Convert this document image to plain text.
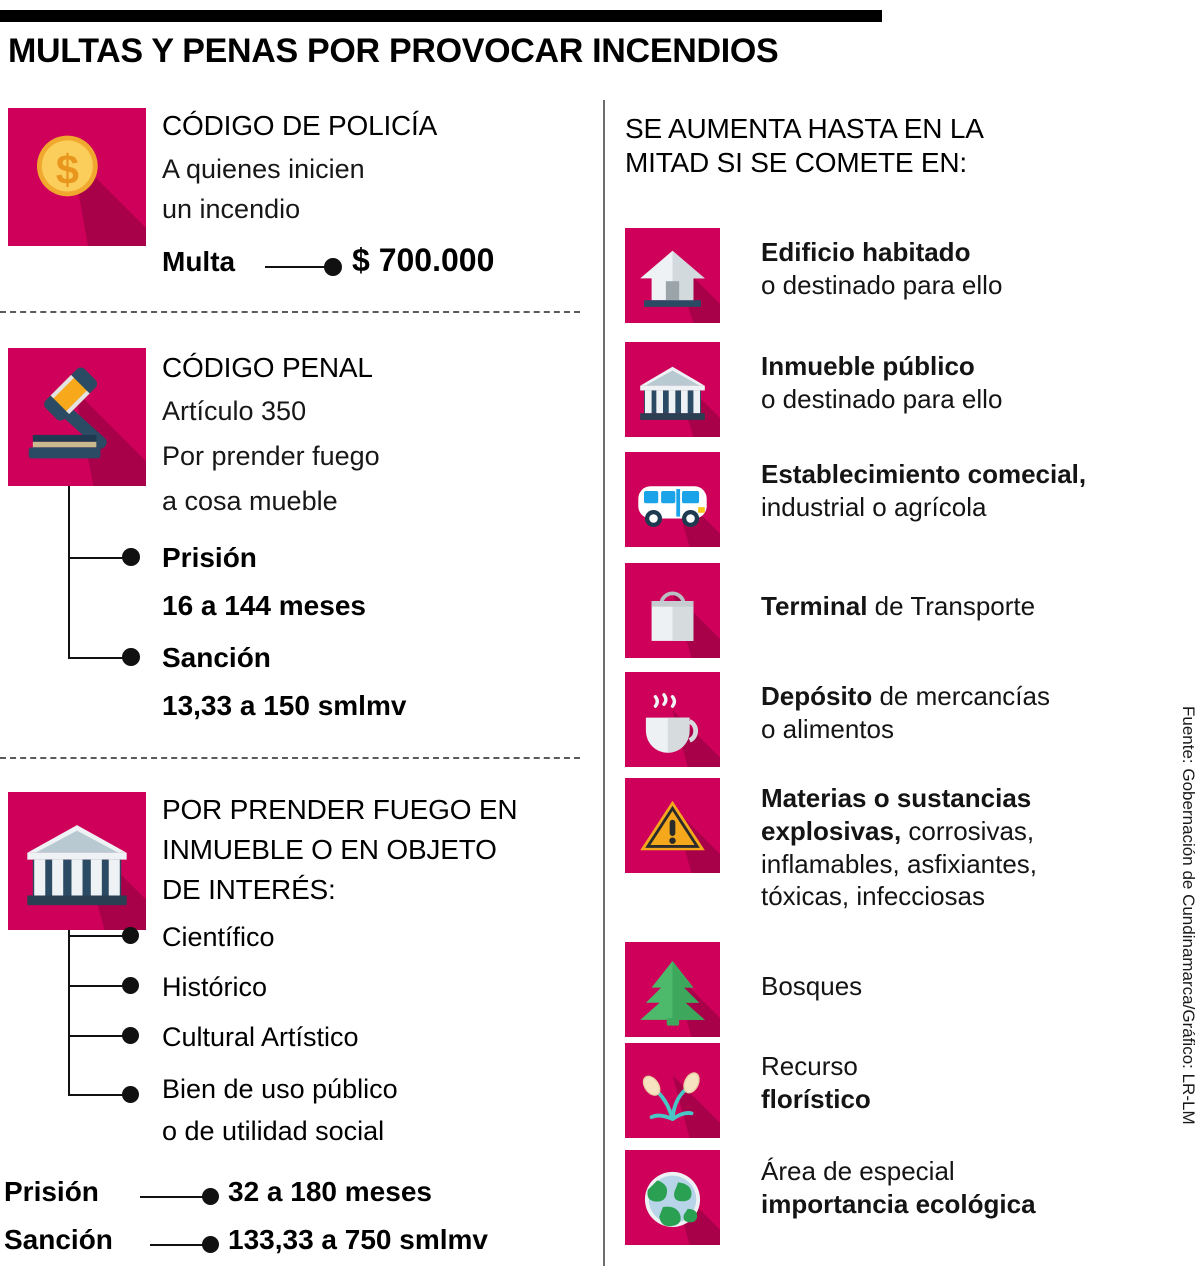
MULTAS Y PENAS POR PROVOCAR INCENDIOS
$
CÓDIGO DE POLICÍA
A quienes inicien
un incendio
Multa	$ 700.000
CÓDIGO PENAL
Artículo 350
Por prender fuego
a cosa mueble
Prisión
16 a 144 meses
Sanción
13,33 a 150 smlmv
POR PRENDER FUEGO EN
INMUEBLE O EN OBJETO
DE INTERÉS:
Científico
Histórico
Cultural Artístico
Bien de uso público
o de utilidad social
Prisión	32 a 180 meses
Sanción	133,33 a 750 smlmv
SE AUMENTA HASTA EN LA
MITAD SI SE COMETE EN:
Edificio habitado
o destinado para ello
Inmueble público
o destinado para ello
Establecimiento comecial,
industrial o agrícola
Terminal de Transporte
Depósito de mercancías
o alimentos
Materias o sustancias
explosivas, corrosivas,
inflamables, asfixiantes,
tóxicas, infecciosas
Bosques
Recurso
florístico
Área de especial
importancia ecológica
Fuente: Gobernación de Cundinamarca/Gráfico: LR-LM
